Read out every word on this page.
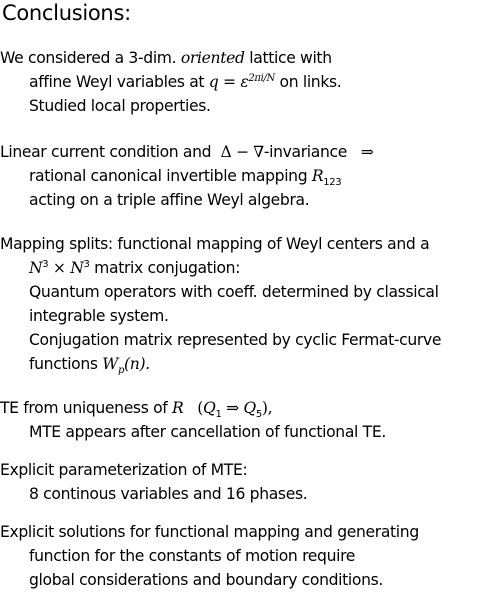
Conclusions:
We considered a 3-dim. oriented lattice with
affine Weyl variables at $q = \varepsilon^{2\pi i/N}$ on links.
Studied local properties.
Linear current condition and Δ − ∇-invariance ⇒
rational canonical invertible mapping $R_{123}$
acting on a triple affine Weyl algebra.
Mapping splits: functional mapping of Weyl centers and a
$N^3 \times N^3$ matrix conjugation:
Quantum operators with coeff. determined by classical
integrable system.
Conjugation matrix represented by cyclic Fermat-curve
functions $W_p(n)$.
TE from uniqueness of R ($Q_1$ ⇒ $Q_5$),
MTE appears after cancellation of functional TE.
Explicit parameterization of MTE:
8 continous variables and 16 phases.
Explicit solutions for functional mapping and generating
function for the constants of motion require
global considerations and boundary conditions.
